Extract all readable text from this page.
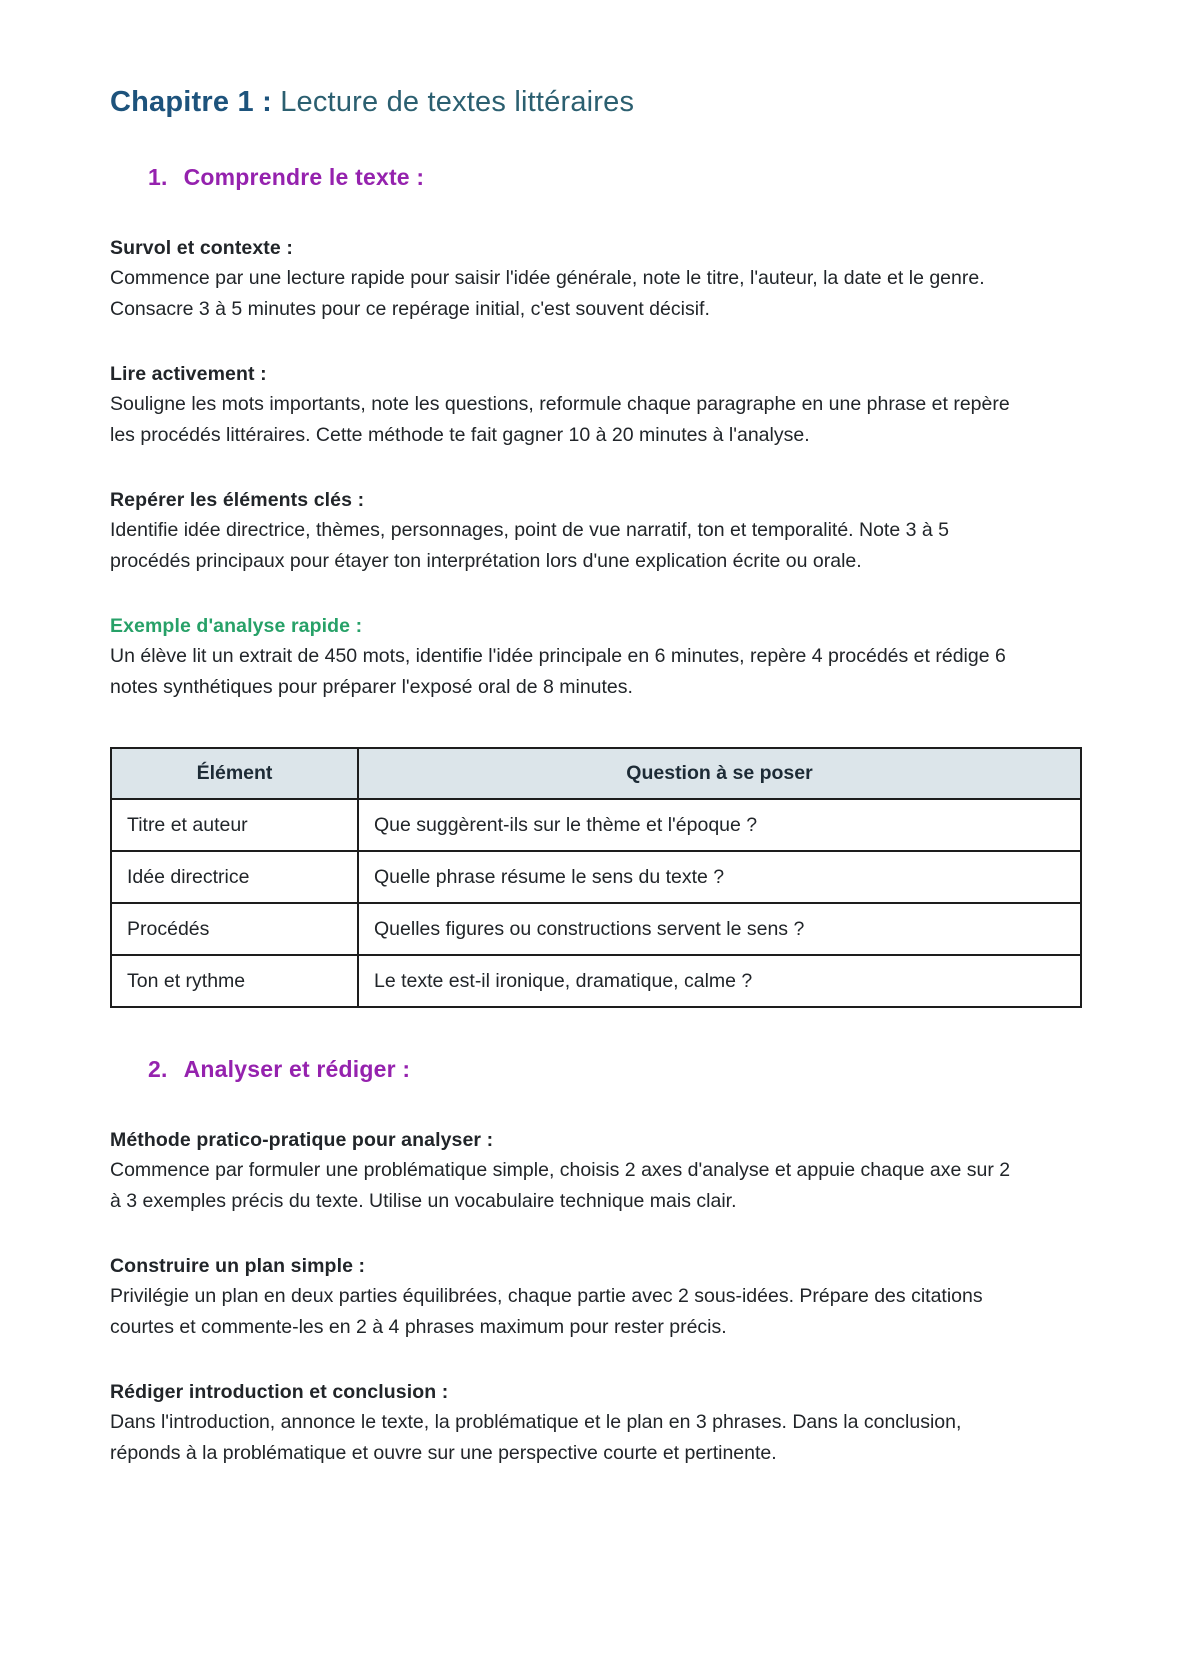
Chapitre 1 : Lecture de textes littéraires
1. Comprendre le texte :
Survol et contexte :

Commence par une lecture rapide pour saisir l'idée générale, note le titre, l'auteur, la date et le genre. Consacre 3 à 5 minutes pour ce repérage initial, c'est souvent décisif.

Lire activement :

Souligne les mots importants, note les questions, reformule chaque paragraphe en une phrase et repère les procédés littéraires. Cette méthode te fait gagner 10 à 20 minutes à l'analyse.

Repérer les éléments clés :

Identifie idée directrice, thèmes, personnages, point de vue narratif, ton et temporalité. Note 3 à 5 procédés principaux pour étayer ton interprétation lors d'une explication écrite ou orale.

Exemple d'analyse rapide :

Un élève lit un extrait de 450 mots, identifie l'idée principale en 6 minutes, repère 4 procédés et rédige 6 notes synthétiques pour préparer l'exposé oral de 8 minutes.

Élément	Question à se poser
Titre et auteur	Que suggèrent-ils sur le thème et l'époque ?
Idée directrice	Quelle phrase résume le sens du texte ?
Procédés	Quelles figures ou constructions servent le sens ?
Ton et rythme	Le texte est-il ironique, dramatique, calme ?
2. Analyser et rédiger :
Méthode pratico-pratique pour analyser :

Commence par formuler une problématique simple, choisis 2 axes d'analyse et appuie chaque axe sur 2 à 3 exemples précis du texte. Utilise un vocabulaire technique mais clair.

Construire un plan simple :

Privilégie un plan en deux parties équilibrées, chaque partie avec 2 sous-idées. Prépare des citations courtes et commente-les en 2 à 4 phrases maximum pour rester précis.

Rédiger introduction et conclusion :

Dans l'introduction, annonce le texte, la problématique et le plan en 3 phrases. Dans la conclusion, réponds à la problématique et ouvre sur une perspective courte et pertinente.
